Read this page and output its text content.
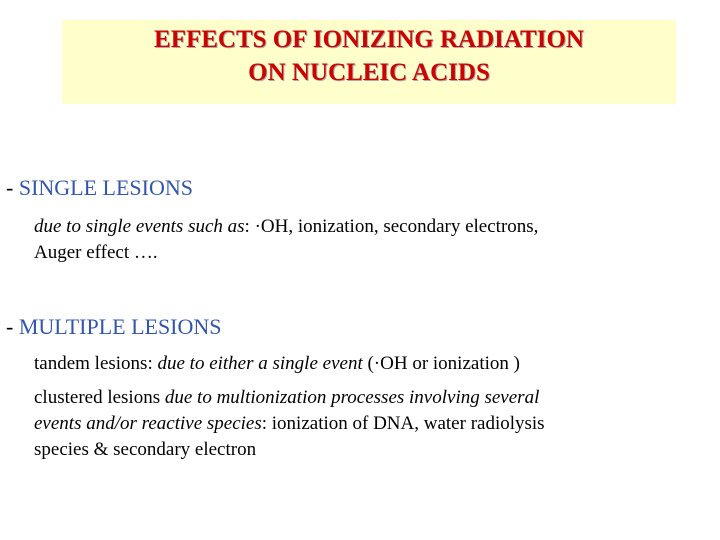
EFFECTS OF IONIZING RADIATION
ON NUCLEIC ACIDS
- SINGLE LESIONS
due to single events such as: ·OH, ionization, secondary electrons,
Auger effect ….
- MULTIPLE LESIONS
tandem lesions: due to either a single event (·OH or ionization )
clustered lesions due to multionization processes involving several
events and/or reactive species: ionization of DNA, water radiolysis
species & secondary electron
